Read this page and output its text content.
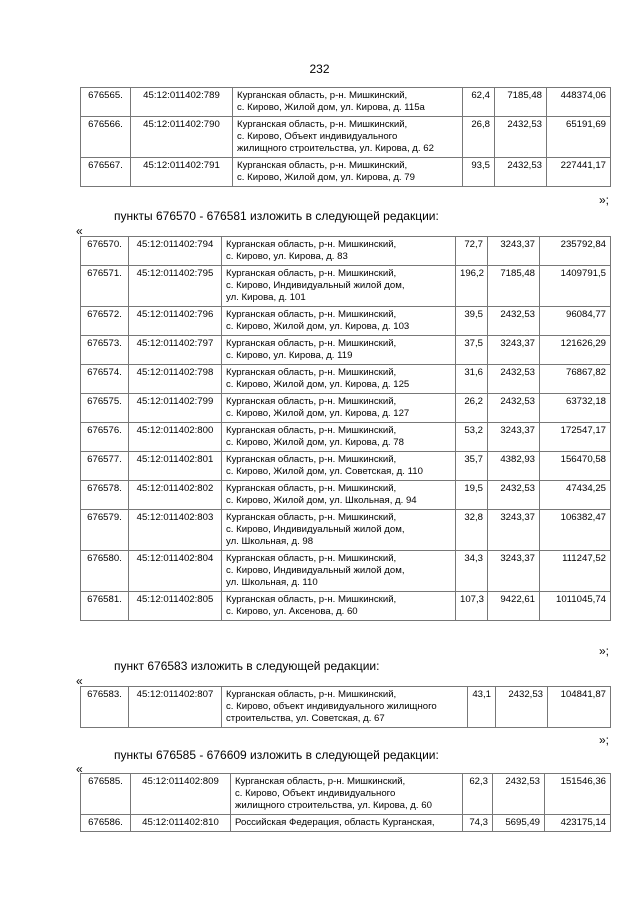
232
676565.	45:12:011402:789	Курганская область, р-н. Мишкинский,
с. Кирово, Жилой дом, ул. Кирова, д. 115а	62,4	7185,48	448374,06
676566.	45:12:011402:790	Курганская область, р-н. Мишкинский,
с. Кирово, Объект индивидуального
жилищного строительства, ул. Кирова, д. 62	26,8	2432,53	65191,69
676567.	45:12:011402:791	Курганская область, р-н. Мишкинский,
с. Кирово, Жилой дом, ул. Кирова, д. 79	93,5	2432,53	227441,17
»;
пункты 676570 - 676581 изложить в следующей редакции:
«
676570.	45:12:011402:794	Курганская область, р-н. Мишкинский,
с. Кирово, ул. Кирова, д. 83	72,7	3243,37	235792,84
676571.	45:12:011402:795	Курганская область, р-н. Мишкинский,
с. Кирово, Индивидуальный жилой дом,
ул. Кирова, д. 101	196,2	7185,48	1409791,5
676572.	45:12:011402:796	Курганская область, р-н. Мишкинский,
с. Кирово, Жилой дом, ул. Кирова, д. 103	39,5	2432,53	96084,77
676573.	45:12:011402:797	Курганская область, р-н. Мишкинский,
с. Кирово, ул. Кирова, д. 119	37,5	3243,37	121626,29
676574.	45:12:011402:798	Курганская область, р-н. Мишкинский,
с. Кирово, Жилой дом, ул. Кирова, д. 125	31,6	2432,53	76867,82
676575.	45:12:011402:799	Курганская область, р-н. Мишкинский,
с. Кирово, Жилой дом, ул. Кирова, д. 127	26,2	2432,53	63732,18
676576.	45:12:011402:800	Курганская область, р-н. Мишкинский,
с. Кирово, Жилой дом, ул. Кирова, д. 78	53,2	3243,37	172547,17
676577.	45:12:011402:801	Курганская область, р-н. Мишкинский,
с. Кирово, Жилой дом, ул. Советская, д. 110	35,7	4382,93	156470,58
676578.	45:12:011402:802	Курганская область, р-н. Мишкинский,
с. Кирово, Жилой дом, ул. Школьная, д. 94	19,5	2432,53	47434,25
676579.	45:12:011402:803	Курганская область, р-н. Мишкинский,
с. Кирово, Индивидуальный жилой дом,
ул. Школьная, д. 98	32,8	3243,37	106382,47
676580.	45:12:011402:804	Курганская область, р-н. Мишкинский,
с. Кирово, Индивидуальный жилой дом,
ул. Школьная, д. 110	34,3	3243,37	111247,52
676581.	45:12:011402:805	Курганская область, р-н. Мишкинский,
с. Кирово, ул. Аксенова, д. 60	107,3	9422,61	1011045,74
»;
пункт 676583 изложить в следующей редакции:
«
676583.	45:12:011402:807	Курганская область, р-н. Мишкинский,
с. Кирово, объект индивидуального жилищного
строительства, ул. Советская, д. 67	43,1	2432,53	104841,87
»;
пункты 676585 - 676609 изложить в следующей редакции:
«
676585.	45:12:011402:809	Курганская область, р-н. Мишкинский,
с. Кирово, Объект индивидуального
жилищного строительства, ул. Кирова, д. 60	62,3	2432,53	151546,36
676586.	45:12:011402:810	Российская Федерация, область Курганская,	74,3	5695,49	423175,14
